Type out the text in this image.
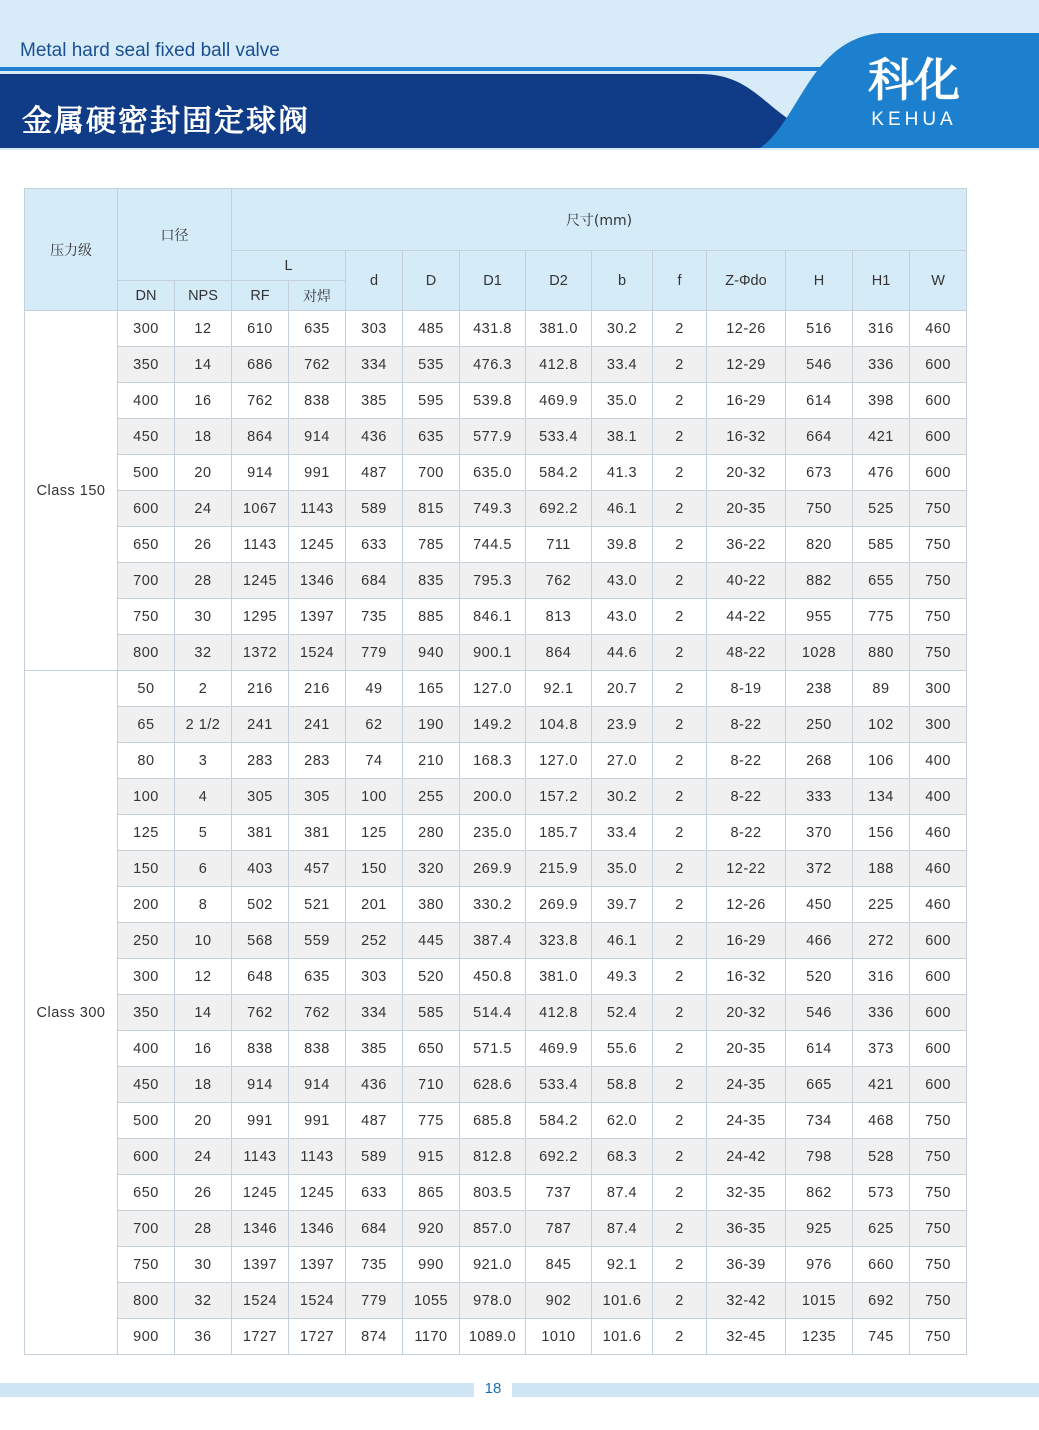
Metal hard seal fixed ball valve
金属硬密封固定球阀
科化
KEHUA
压力级	口径		尺寸(mm)											
			L		d	D	D1	D2	b	f	Z-Φdo	H	H1	W
	DN	NPS	RF	对焊										
Class 150	300	12	610	635	303	485	431.8	381.0	30.2	2	12-26	516	316	460
	350	14	686	762	334	535	476.3	412.8	33.4	2	12-29	546	336	600
	400	16	762	838	385	595	539.8	469.9	35.0	2	16-29	614	398	600
	450	18	864	914	436	635	577.9	533.4	38.1	2	16-32	664	421	600
	500	20	914	991	487	700	635.0	584.2	41.3	2	20-32	673	476	600
	600	24	1067	1143	589	815	749.3	692.2	46.1	2	20-35	750	525	750
	650	26	1143	1245	633	785	744.5	711	39.8	2	36-22	820	585	750
	700	28	1245	1346	684	835	795.3	762	43.0	2	40-22	882	655	750
	750	30	1295	1397	735	885	846.1	813	43.0	2	44-22	955	775	750
	800	32	1372	1524	779	940	900.1	864	44.6	2	48-22	1028	880	750
Class 300	50	2	216	216	49	165	127.0	92.1	20.7	2	8-19	238	89	300
	65	2 1/2	241	241	62	190	149.2	104.8	23.9	2	8-22	250	102	300
	80	3	283	283	74	210	168.3	127.0	27.0	2	8-22	268	106	400
	100	4	305	305	100	255	200.0	157.2	30.2	2	8-22	333	134	400
	125	5	381	381	125	280	235.0	185.7	33.4	2	8-22	370	156	460
	150	6	403	457	150	320	269.9	215.9	35.0	2	12-22	372	188	460
	200	8	502	521	201	380	330.2	269.9	39.7	2	12-26	450	225	460
	250	10	568	559	252	445	387.4	323.8	46.1	2	16-29	466	272	600
	300	12	648	635	303	520	450.8	381.0	49.3	2	16-32	520	316	600
	350	14	762	762	334	585	514.4	412.8	52.4	2	20-32	546	336	600
	400	16	838	838	385	650	571.5	469.9	55.6	2	20-35	614	373	600
	450	18	914	914	436	710	628.6	533.4	58.8	2	24-35	665	421	600
	500	20	991	991	487	775	685.8	584.2	62.0	2	24-35	734	468	750
	600	24	1143	1143	589	915	812.8	692.2	68.3	2	24-42	798	528	750
	650	26	1245	1245	633	865	803.5	737	87.4	2	32-35	862	573	750
	700	28	1346	1346	684	920	857.0	787	87.4	2	36-35	925	625	750
	750	30	1397	1397	735	990	921.0	845	92.1	2	36-39	976	660	750
	800	32	1524	1524	779	1055	978.0	902	101.6	2	32-42	1015	692	750
	900	36	1727	1727	874	1170	1089.0	1010	101.6	2	32-45	1235	745	750
18
